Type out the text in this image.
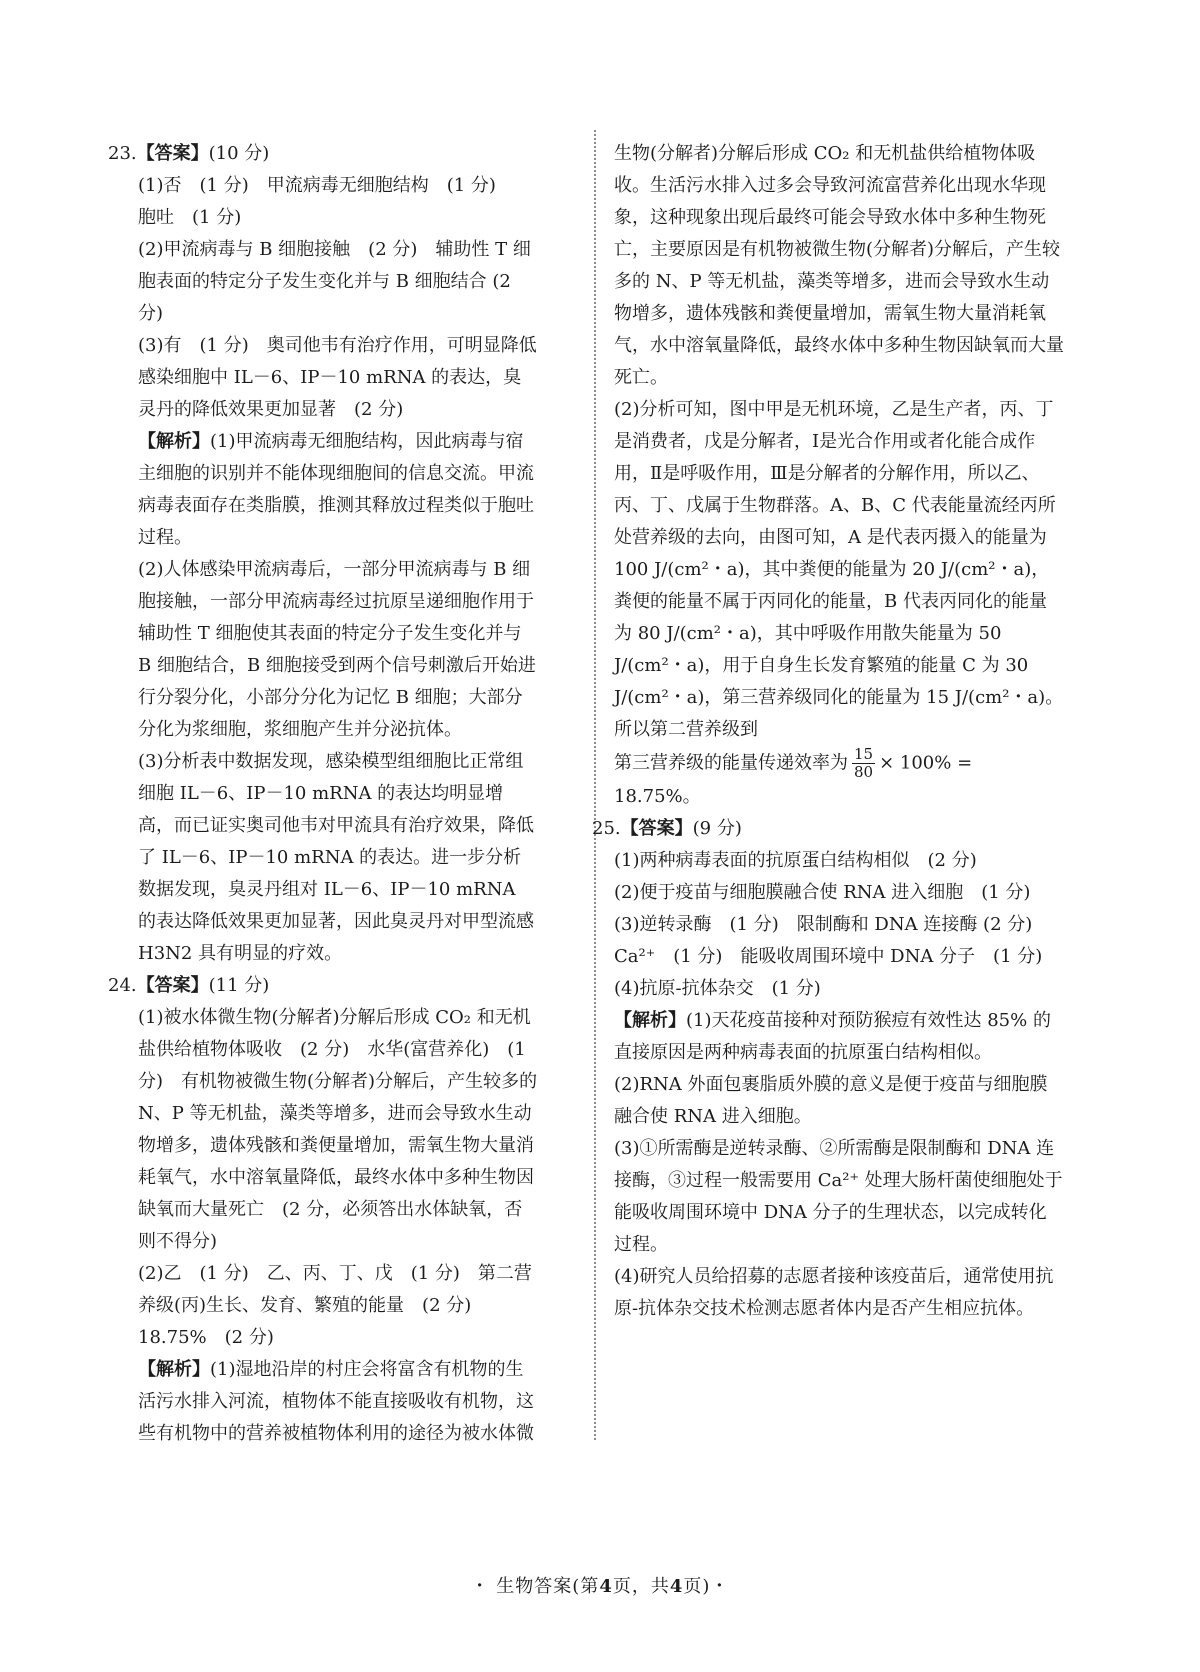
23.【答案】(10 分)
(1)否　(1 分)　甲流病毒无细胞结构　(1 分)
胞吐　(1 分)
(2)甲流病毒与 B 细胞接触　(2 分)　辅助性 T 细胞表面的特定分子发生变化并与 B 细胞结合 (2 分)
(3)有　(1 分)　奥司他韦有治疗作用，可明显降低感染细胞中 IL－6、IP－10 mRNA 的表达，臭灵丹的降低效果更加显著　(2 分)
【解析】(1)甲流病毒无细胞结构，因此病毒与宿主细胞的识别并不能体现细胞间的信息交流。甲流病毒表面存在类脂膜，推测其释放过程类似于胞吐过程。
(2)人体感染甲流病毒后，一部分甲流病毒与 B 细胞接触，一部分甲流病毒经过抗原呈递细胞作用于辅助性 T 细胞使其表面的特定分子发生变化并与 B 细胞结合，B 细胞接受到两个信号刺激后开始进行分裂分化，小部分分化为记忆 B 细胞；大部分分化为浆细胞，浆细胞产生并分泌抗体。
(3)分析表中数据发现，感染模型组细胞比正常组细胞 IL－6、IP－10 mRNA 的表达均明显增高，而已证实奥司他韦对甲流具有治疗效果，降低了 IL－6、IP－10 mRNA 的表达。进一步分析数据发现，臭灵丹组对 IL－6、IP－10 mRNA 的表达降低效果更加显著，因此臭灵丹对甲型流感 H3N2 具有明显的疗效。
24.【答案】(11 分)
(1)被水体微生物(分解者)分解后形成 CO₂ 和无机盐供给植物体吸收　(2 分)　水华(富营养化)　(1 分)　有机物被微生物(分解者)分解后，产生较多的 N、P 等无机盐，藻类等增多，进而会导致水生动物增多，遗体残骸和粪便量增加，需氧生物大量消耗氧气，水中溶氧量降低，最终水体中多种生物因缺氧而大量死亡　(2 分，必须答出水体缺氧，否则不得分)
(2)乙　(1 分)　乙、丙、丁、戊　(1 分)　第二营养级(丙)生长、发育、繁殖的能量　(2 分)　18.75%　(2 分)
【解析】(1)湿地沿岸的村庄会将富含有机物的生活污水排入河流，植物体不能直接吸收有机物，这些有机物中的营养被植物体利用的途径为被水体微
生物(分解者)分解后形成 CO₂ 和无机盐供给植物体吸收。生活污水排入过多会导致河流富营养化出现水华现象，这种现象出现后最终可能会导致水体中多种生物死亡，主要原因是有机物被微生物(分解者)分解后，产生较多的 N、P 等无机盐，藻类等增多，进而会导致水生动物增多，遗体残骸和粪便量增加，需氧生物大量消耗氧气，水中溶氧量降低，最终水体中多种生物因缺氧而大量死亡。
(2)分析可知，图中甲是无机环境，乙是生产者，丙、丁是消费者，戊是分解者，Ⅰ是光合作用或者化能合成作用，Ⅱ是呼吸作用，Ⅲ是分解者的分解作用，所以乙、丙、丁、戊属于生物群落。A、B、C 代表能量流经丙所处营养级的去向，由图可知，A 是代表丙摄入的能量为 100 J/(cm²・a)，其中粪便的能量为 20 J/(cm²・a)，粪便的能量不属于丙同化的能量，B 代表丙同化的能量为 80 J/(cm²・a)，其中呼吸作用散失能量为 50 J/(cm²・a)，用于自身生长发育繁殖的能量 C 为 30 J/(cm²・a)，第三营养级同化的能量为 15 J/(cm²・a)。所以第二营养级到
第三营养级的能量传递效率为 $\frac{15}{80} \times 100\%$ =
18.75%。
25.【答案】(9 分)
(1)两种病毒表面的抗原蛋白结构相似　(2 分)
(2)便于疫苗与细胞膜融合使 RNA 进入细胞　(1 分)
(3)逆转录酶　(1 分)　限制酶和 DNA 连接酶 (2 分)　Ca²⁺　(1 分)　能吸收周围环境中 DNA 分子　(1 分)
(4)抗原-抗体杂交　(1 分)
【解析】(1)天花疫苗接种对预防猴痘有效性达 85% 的直接原因是两种病毒表面的抗原蛋白结构相似。
(2)RNA 外面包裹脂质外膜的意义是便于疫苗与细胞膜融合使 RNA 进入细胞。
(3)①所需酶是逆转录酶、②所需酶是限制酶和 DNA 连接酶，③过程一般需要用 Ca²⁺ 处理大肠杆菌使细胞处于能吸收周围环境中 DNA 分子的生理状态，以完成转化过程。
(4)研究人员给招募的志愿者接种该疫苗后，通常使用抗原-抗体杂交技术检测志愿者体内是否产生相应抗体。
・ 生物答案(第4页，共4页)・
